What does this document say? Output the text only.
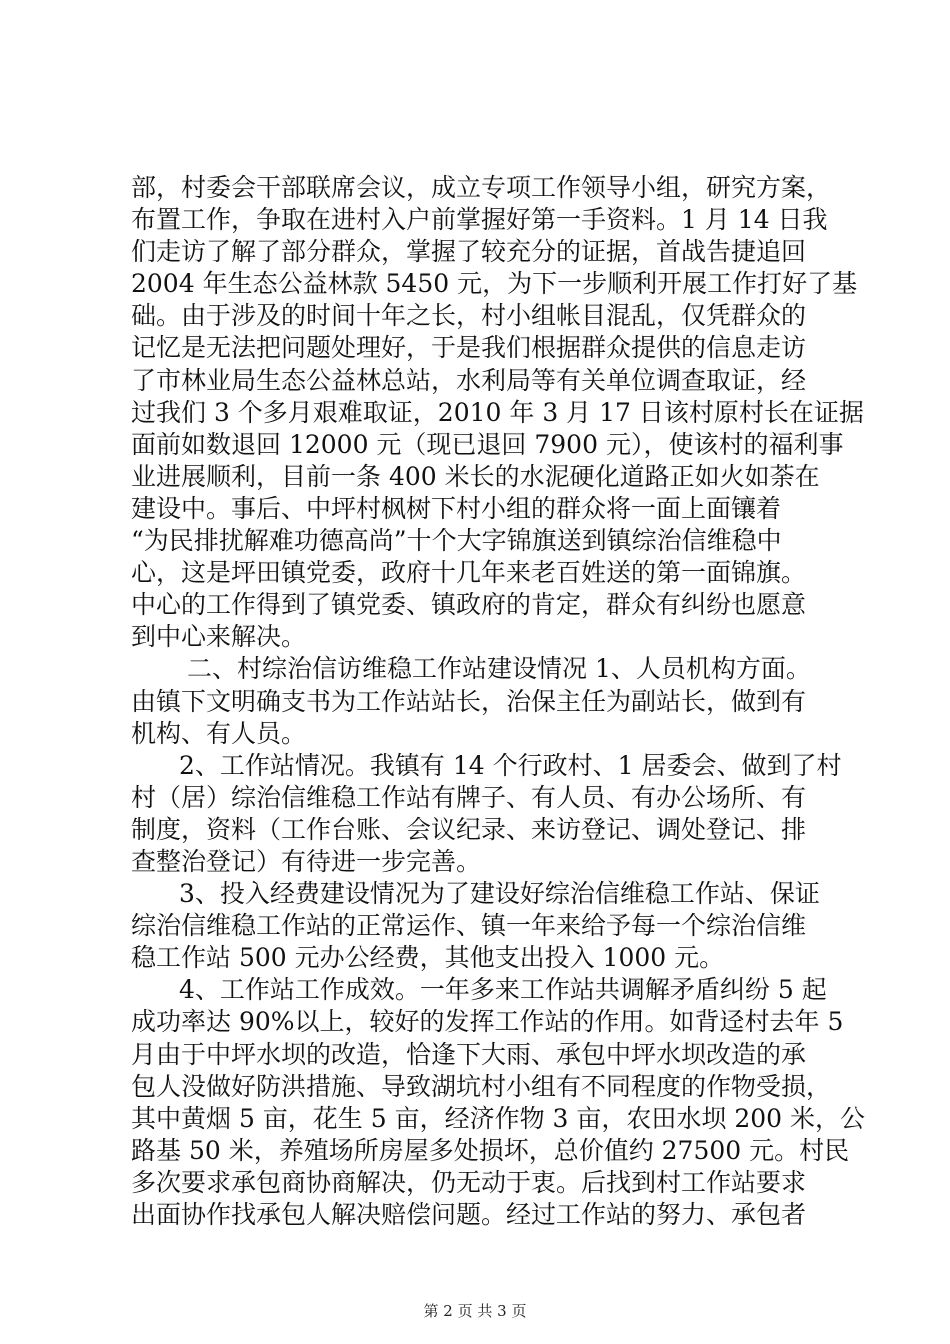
部，村委会干部联席会议，成立专项工作领导小组，研究方案，
布置工作，争取在进村入户前掌握好第一手资料。1 月 14 日我
们走访了解了部分群众，掌握了较充分的证据，首战告捷追回
2004 年生态公益林款 5450 元，为下一步顺利开展工作打好了基
础。由于涉及的时间十年之长，村小组帐目混乱，仅凭群众的
记忆是无法把问题处理好，于是我们根据群众提供的信息走访
了市林业局生态公益林总站，水利局等有关单位调查取证，经
过我们 3 个多月艰难取证，2010 年 3 月 17 日该村原村长在证据
面前如数退回 12000 元（现已退回 7900 元），使该村的福利事
业进展顺利，目前一条 400 米长的水泥硬化道路正如火如荼在
建设中。事后、中坪村枫树下村小组的群众将一面上面镶着
“为民排扰解难功德高尚”十个大字锦旗送到镇综治信维稳中
心，这是坪田镇党委，政府十几年来老百姓送的第一面锦旗。
中心的工作得到了镇党委、镇政府的肯定，群众有纠纷也愿意
到中心来解决。
二、村综治信访维稳工作站建设情况 1、人员机构方面。
由镇下文明确支书为工作站站长，治保主任为副站长，做到有
机构、有人员。
2、工作站情况。我镇有 14 个行政村、1 居委会、做到了村
村（居）综治信维稳工作站有牌子、有人员、有办公场所、有
制度，资料（工作台账、会议纪录、来访登记、调处登记、排
查整治登记）有待进一步完善。
3、投入经费建设情况为了建设好综治信维稳工作站、保证
综治信维稳工作站的正常运作、镇一年来给予每一个综治信维
稳工作站 500 元办公经费，其他支出投入 1000 元。
4、工作站工作成效。一年多来工作站共调解矛盾纠纷 5 起
成功率达 90%以上，较好的发挥工作站的作用。如背迳村去年 5
月由于中坪水坝的改造，恰逢下大雨、承包中坪水坝改造的承
包人没做好防洪措施、导致湖坑村小组有不同程度的作物受损，
其中黄烟 5 亩，花生 5 亩，经济作物 3 亩，农田水坝 200 米，公
路基 50 米，养殖场所房屋多处损坏，总价值约 27500 元。村民
多次要求承包商协商解决，仍无动于衷。后找到村工作站要求
出面协作找承包人解决赔偿问题。经过工作站的努力、承包者
第 2 页 共 3 页
